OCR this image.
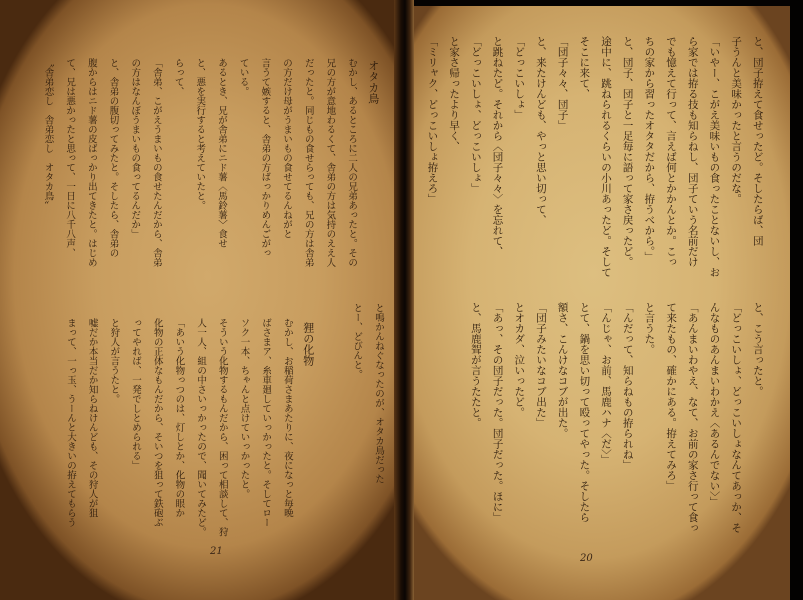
と、団子拵えて食せったど。そしたらば、団
子うんと美味かったと言うのだな。
「いやー、こがえ美味いもの食ったことないし、お
ら家では拵る技も知らねし、団子ていう名前だけ
でも憶えて行って、言えば何とかかんとか。こっ
ちの家から習ったオタタだから、拵うべから。」
と、団子、団子と一足毎に語って家さ戻ったど。
途中に、跳ねられるくらいの小川あったど。そして
そこに来て、
「団子々々、団子」
と、来たけんども、やっと思い切って、
「どっこいしょ」
と跳ねたど。それから〈団子々々〉を忘れて、
「どっこいしょ、どっこいしょ」
と家さ帰ったより早く、
「ミリャク、どっこいしょ拵えろ」
と、こう言ったと。
「どっこいしょ、どっこいしょなんてあっか、そ
んなものあんまいわかえ〈あるんでない〉」
「あんまいわやえ、なて、お前の家さ行って食っ
て来たもの、確かにある。拵えてみろ」
と言うた。
「んだって、知らねもの拵られね」
「んじゃ、お前、馬鹿ハナ〈だ〉」
とて、鍋を思い切って殴ってやった。そしたら
額さ、こんけなコブが出た。
「団子みたいなコブ出た」
とオカダ、泣いったど。
「あっ、その団子だった。団子だった。ほに」
と、馬鹿聟が言うたたと。
オタカ鳥
むかし、あるところに二人の兄弟あったと。その
兄の方が意地わるくて、舎弟の方は気持のええ人
だったと。同じもの食せらっても、兄の方は舎弟
の方だけ母がうまいもの食せてるんねがと
言うて嫉すると、舎弟の方ばっかりめんごがっ
ている。
あるとき、兄が舎弟にニド薯〈馬鈴薯〉食せ
と、悪を実行すると考えていたと。
らって、
「舎弟、こがえうまいもの食せたんだから、舎弟
の方はなんぼうまいもの食ってるんだか」
と、舎弟の腹切ってみたと。そしたら、舎弟の
腹からはニド薯の皮ばっかり出てきたと。はじめ
て、兄は悪かったと思って、一日に八千八声、
〝舎弟恋し　舎弟恋し　オタカ鳥〟
と鳴かんねぐなったのが、オタカ鳥だった
とー、どびんと。
狸の化物
むかし、お稲荷さまあたりに、夜になっと毎晩
ばさまア、糸車廻していっかったと。そしてロー
ソク一本、ちゃんと点けていっかったと。
そういう化物するもんだから、困って相談して、狩
人一人、組の中さいっかったので、聞いてみたど。
「あいう化物っつのは、灯しとか、化物の眼か
化物の正体なもんだから、そいつを狙って鉄砲ぶ
ってやれば、一発でしとめられる」
と狩人が言うたと。
嘘だか本当だか知らねけんども、その狩人が狙
まって、一っ玉、うーんと大きいの拵えてもらう
21
20
